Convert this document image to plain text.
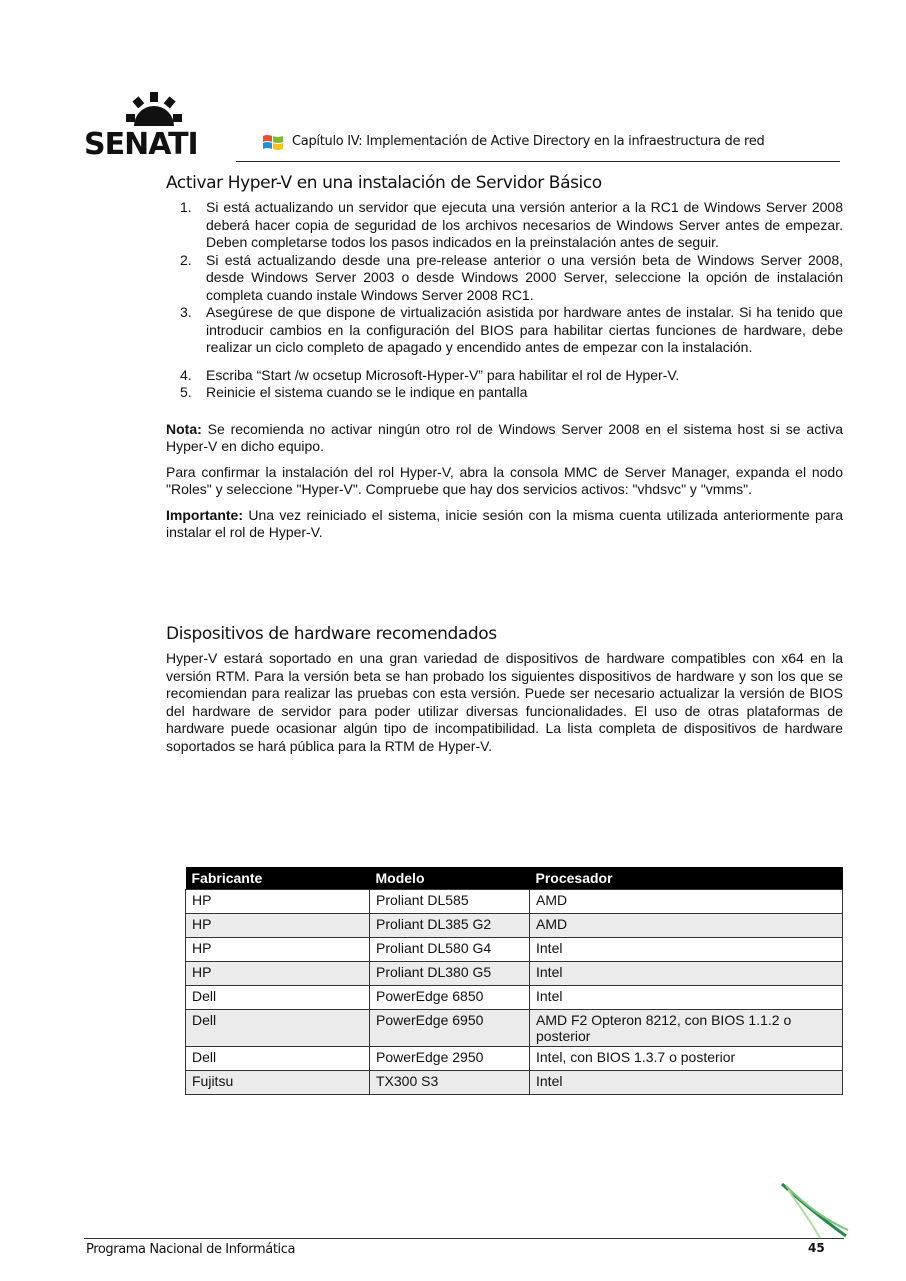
SENATI	Capítulo IV: Implementación de Active Directory en la infraestructura de red
Activar Hyper-V en una instalación de Servidor Básico
1. Si está actualizando un servidor que ejecuta una versión anterior a la RC1 de Windows Server 2008 deberá hacer copia de seguridad de los archivos necesarios de Windows Server antes de empezar. Deben completarse todos los pasos indicados en la preinstalación antes de seguir.
2. Si está actualizando desde una pre-release anterior o una versión beta de Windows Server 2008, desde Windows Server 2003 o desde Windows 2000 Server, seleccione la opción de instalación completa cuando instale Windows Server 2008 RC1.
3. Asegúrese de que dispone de virtualización asistida por hardware antes de instalar. Si ha tenido que introducir cambios en la configuración del BIOS para habilitar ciertas funciones de hardware, debe realizar un ciclo completo de apagado y encendido antes de empezar con la instalación.
4. Escriba “Start /w ocsetup Microsoft-Hyper-V” para habilitar el rol de Hyper-V.
5. Reinicie el sistema cuando se le indique en pantalla

Nota: Se recomienda no activar ningún otro rol de Windows Server 2008 en el sistema host si se activa Hyper-V en dicho equipo.

Para confirmar la instalación del rol Hyper-V, abra la consola MMC de Server Manager, expanda el nodo "Roles" y seleccione "Hyper-V". Compruebe que hay dos servicios activos: "vhdsvc" y "vmms".

Importante: Una vez reiniciado el sistema, inicie sesión con la misma cuenta utilizada anteriormente para instalar el rol de Hyper-V.

Dispositivos de hardware recomendados
Hyper-V estará soportado en una gran variedad de dispositivos de hardware compatibles con x64 en la versión RTM. Para la versión beta se han probado los siguientes dispositivos de hardware y son los que se recomiendan para realizar las pruebas con esta versión. Puede ser necesario actualizar la versión de BIOS del hardware de servidor para poder utilizar diversas funcionalidades. El uso de otras plataformas de hardware puede ocasionar algún tipo de incompatibilidad. La lista completa de dispositivos de hardware soportados se hará pública para la RTM de Hyper-V.
Fabricante	Modelo	Procesador
HP	Proliant DL585	AMD
HP	Proliant DL385 G2	AMD
HP	Proliant DL580 G4	Intel
HP	Proliant DL380 G5	Intel
Dell	PowerEdge 6850	Intel
Dell	PowerEdge 6950	AMD F2 Opteron 8212, con BIOS 1.1.2 o posterior
Dell	PowerEdge 2950	Intel, con BIOS 1.3.7 o posterior
Fujitsu	TX300 S3	Intel
Programa Nacional de Informática	45
